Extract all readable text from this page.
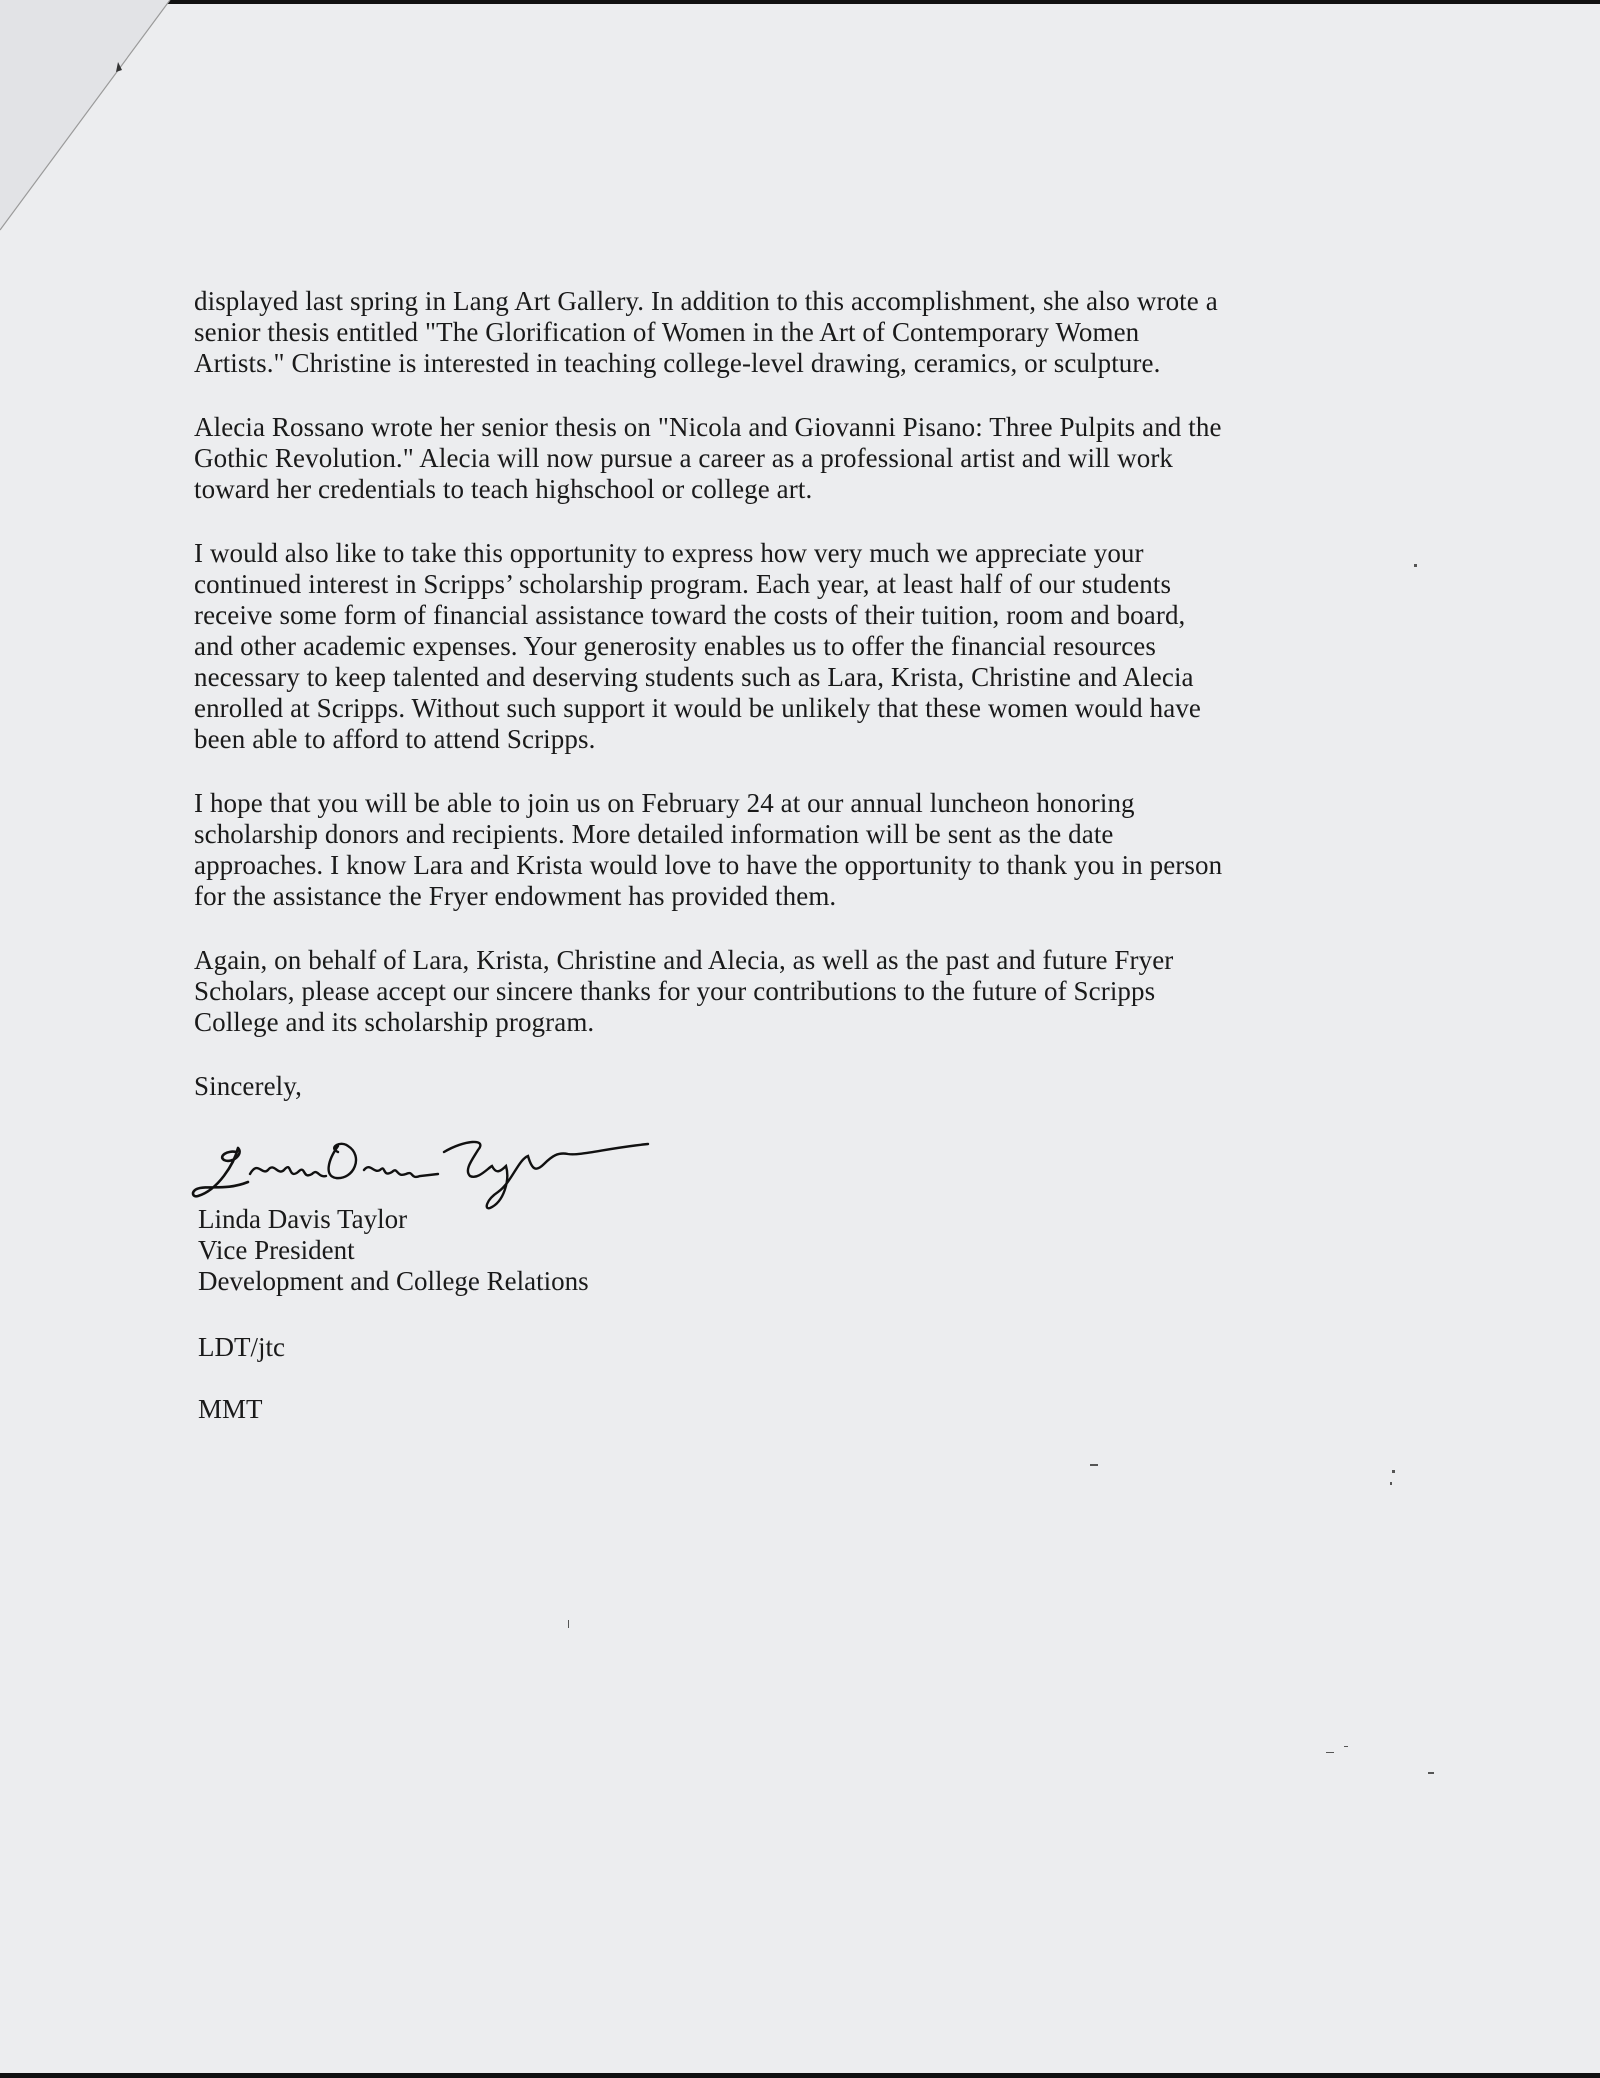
displayed last spring in Lang Art Gallery. In addition to this accomplishment, she also wrote a
senior thesis entitled "The Glorification of Women in the Art of Contemporary Women
Artists." Christine is interested in teaching college-level drawing, ceramics, or sculpture.

Alecia Rossano wrote her senior thesis on "Nicola and Giovanni Pisano: Three Pulpits and the
Gothic Revolution." Alecia will now pursue a career as a professional artist and will work
toward her credentials to teach highschool or college art.

I would also like to take this opportunity to express how very much we appreciate your
continued interest in Scripps’ scholarship program. Each year, at least half of our students
receive some form of financial assistance toward the costs of their tuition, room and board,
and other academic expenses. Your generosity enables us to offer the financial resources
necessary to keep talented and deserving students such as Lara, Krista, Christine and Alecia
enrolled at Scripps. Without such support it would be unlikely that these women would have
been able to afford to attend Scripps.

I hope that you will be able to join us on February 24 at our annual luncheon honoring
scholarship donors and recipients. More detailed information will be sent as the date
approaches. I know Lara and Krista would love to have the opportunity to thank you in person
for the assistance the Fryer endowment has provided them.

Again, on behalf of Lara, Krista, Christine and Alecia, as well as the past and future Fryer
Scholars, please accept our sincere thanks for your contributions to the future of Scripps
College and its scholarship program.

Sincerely,

Linda Davis Taylor
Vice President
Development and College Relations
LDT/jtc
MMT
